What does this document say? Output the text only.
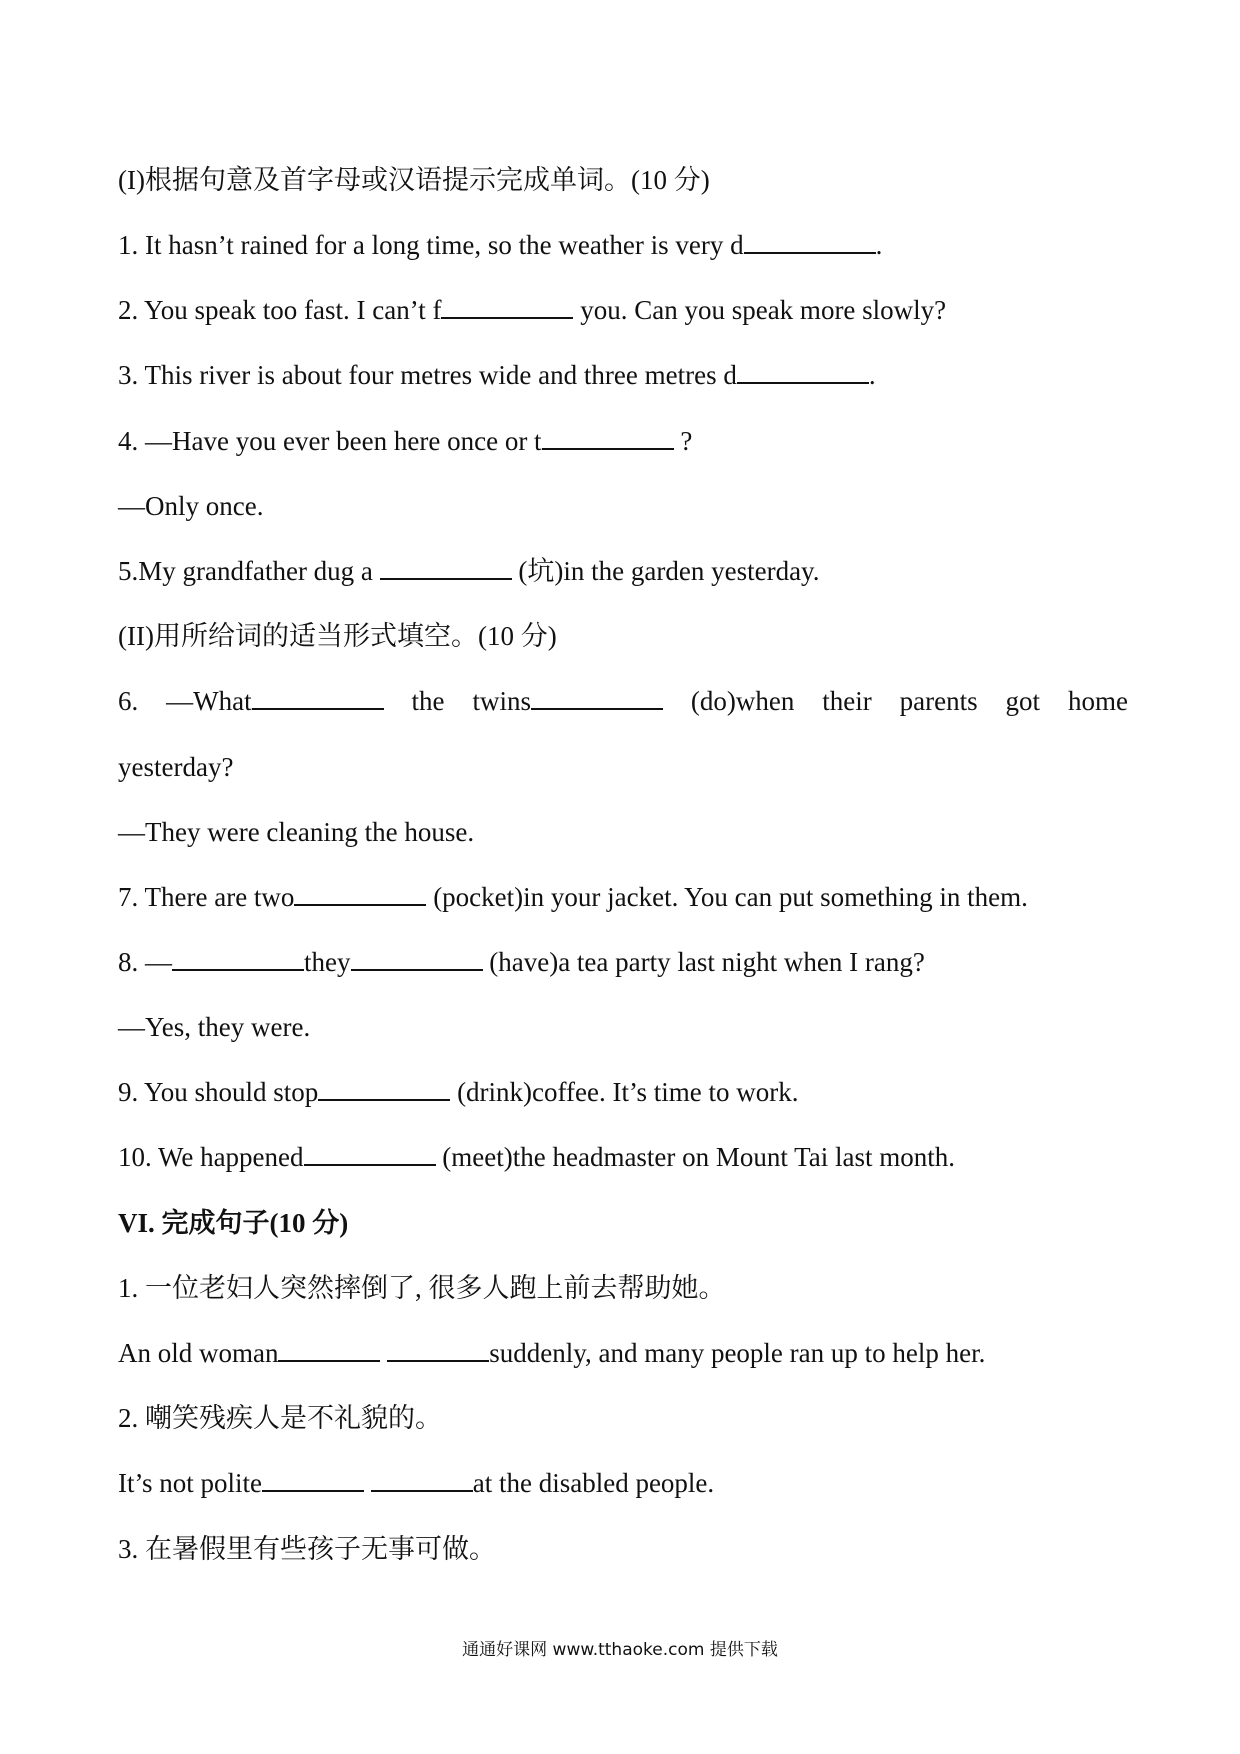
(I)根据句意及首字母或汉语提示完成单词。(10 分)
1. It hasn’t rained for a long time, so the weather is very d	.
2. You speak too fast. I can’t f	you. Can you speak more slowly?
3. This river is about four metres wide and three metres d	.
4. —Have you ever been here once or t	?
—Only once.
5.My grandfather dug a	(坑)in the garden yesterday.
(II)用所给词的适当形式填空。(10 分)
6. —What	the twins	(do)when their parents got home
yesterday?
—They were cleaning the house.
7. There are two	(pocket)in your jacket. You can put something in them.
8. —	they	(have)a tea party last night when I rang?
—Yes, they were.
9. You should stop	(drink)coffee. It’s time to work.
10. We happened	(meet)the headmaster on Mount Tai last month.
VI. 完成句子(10 分)
1. 一位老妇人突然摔倒了, 很多人跑上前去帮助她。
An old woman	suddenly, and many people ran up to help her.
2. 嘲笑残疾人是不礼貌的。
It’s not polite	at the disabled people.
3. 在暑假里有些孩子无事可做。
通通好课网 www.tthaoke.com 提供下载
